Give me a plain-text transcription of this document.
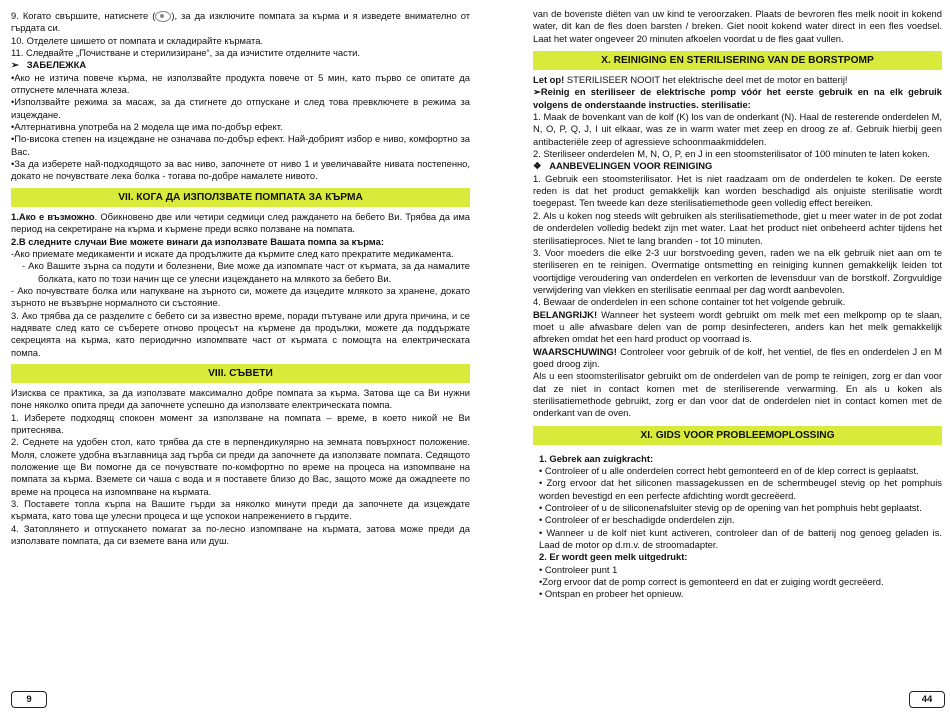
9. Когато свършите, натиснете ( ), за да изключите помпата за кърма и я изведете внимателно от гърдата си.

10. Отделете шишето от помпата и складирайте кърмата.

11. Следвайте „Почистване и стерилизиране“, за да изчистите отделните части.

➢ ЗАБЕЛЕЖКА

•Ако не изтича повече кърма, не използвайте продукта повече от 5 мин, като първо се опитате да отпуснете млечната жлеза.

•Използвайте режима за масаж, за да стигнете до отпускане и след това превключете в режима за изцеждане.

•Алтернативна употреба на 2 модела ще има по-добър ефект.

•По-висока степен на изцеждане не означава по-добър ефект. Най-добрият избор е ниво, комфортно за Вас.

•За да изберете най-подходящото за вас ниво, започнете от ниво 1 и увеличавайте нивата постепенно, докато не почувствате лека болка - тогава по-добре намалете нивото.

VII. КОГА ДА ИЗПОЛЗВАТЕ ПОМПАТА ЗА КЪРМА

1.Ако е възможно. Обикновено две или четири седмици след раждането на бебето Ви. Трябва да има период на секретиране на кърма и кърмене преди всяко ползване на помпата.

2.В следните случаи Вие можете винаги да използвате Вашата помпа за кърма:

-Ако приемате медикаменти и искате да продължите да кърмите след като прекратите медикамента.

- Ако Вашите зърна са подути и болезнени, Вие може да изпомпате част от кърмата, за да намалите болката, като по този начин ще се улесни изцеждането на млякото за бебето Ви.

- Ако почувствате болка или напукване на зърното си, можете да изцедите млякото за хранене, докато зърното не възвърне нормалното си състояние.

3. Ако трябва да се разделите с бебето си за известно време, поради пътуване или друга причина, и се надявате след като се съберете отново процесът на кърмене да продължи, можете да поддържате секрецията на кърма, като периодично изпомпвате част от кърмата с помощта на електрическата помпа.

VIII. СЪВЕТИ

Изисква се практика, за да използвате максимално добре помпата за кърма. Затова ще са Ви нужни поне няколко опита преди да започнете успешно да използвате електрическата помпа.

1. Изберете подходящ спокоен момент за използване на помпата – време, в което никой не Ви притеснява.

2. Седнете на удобен стол, като трябва да сте в перпендикулярно на земната повърхност положение. Моля, сложете удобна възглавница зад гърба си преди да започнете да използвате помпата. Седящото положение ще Ви помогне да се почувствате по-комфортно по време на процеса на изпомпване на помпата за кърма. Вземете си чаша с вода и я поставете близо до Вас, защото може да ожадneете по време на процеса на изпомпване на кърмата.

3. Поставете топла кърпа на Вашите гърди за няколко минути преди да започнете да изцеждате кърмата, като това ще улесни процеса и ще успокои напрежението в гърдите.

4. Затоплянето и отпускането помагат за по-лесно изпомпване на кърмата, затова може преди да използвате помпата, да си вземете вана или душ.

9

van de bovenste diëten van uw kind te veroorzaken. Plaats de bevroren fles melk nooit in kokend water, dit kan de fles doen barsten / breken. Giet nooit kokend water direct in een fles voedsel. Laat het water ongeveer 20 minuten afkoelen voordat u de fles gaat vullen.

X. REINIGING EN STERILISERING VAN DE BORSTPOMP

Let op! STERILISEER NOOIT het elektrische deel met de motor en batterij!

➢Reinig en steriliseer de elektrische pomp vóór het eerste gebruik en na elk gebruik volgens de onderstaande instructies. sterilisatie:

1. Maak de bovenkant van de kolf (K) los van de onderkant (N). Haal de resterende onderdelen M, N, O, P, Q, J, I uit elkaar, was ze in warm water met zeep en droog ze af. Gebruik hierbij geen antibacteriële zeep of agressieve schoonmaakmiddelen.

2. Steriliseer onderdelen M, N, O, P, en J in een stoomsterilisator of 100 minuten te laten koken.

❖ AANBEVELINGEN VOOR REINIGING

1. Gebruik een stoomsterilisator. Het is niet raadzaam om de onderdelen te koken. De eerste reden is dat het product gemakkelijk kan worden beschadigd als onjuiste sterilisatie wordt toegepast. Ten tweede kan deze sterilisatiemethode geen volledig effect bereiken.

2. Als u koken nog steeds wilt gebruiken als sterilisatiemethode, giet u meer water in de pot zodat de onderdelen volledig bedekt zijn met water. Laat het product niet onbeheerd achter tijdens het sterilisatieproces. Niet te lang branden - tot 10 minuten.

3. Voor moeders die elke 2-3 uur borstvoeding geven, raden we na elk gebruik niet aan om te steriliseren en te reinigen. Overmatige ontsmetting en reiniging kunnen gemakkelijk leiden tot voortijdige veroudering van onderdelen en verkorten de levensduur van de borstkolf. Zorgvuldige verwijdering van vlekken en sterilisatie eenmaal per dag wordt aanbevolen.

4. Bewaar de onderdelen in een schone container tot het volgende gebruik.

BELANGRIJK! Wanneer het systeem wordt gebruikt om melk met een melkpomp op te slaan, moet u alle afwasbare delen van de pomp desinfecteren, anders kan het melk gemakkelijk afbreken omdat het een hard product op voorraad is.

WAARSCHUWING! Controleer voor gebruik of de kolf, het ventiel, de fles en onderdelen J en M goed droog zijn.

Als u een stoomsterilisator gebruikt om de onderdelen van de pomp te reinigen, zorg er dan voor dat ze niet in contact komen met de steriliserende verwarming. En als u koken als sterilisatiemethode gebruikt, zorg er dan voor dat de onderdelen niet in contact komen met de onderkant van de oven.

XI. GIDS VOOR PROBLEEMOPLOSSING

1. Gebrek aan zuigkracht:

• Controleer of u alle onderdelen correct hebt gemonteerd en of de klep correct is geplaatst.

• Zorg ervoor dat het siliconen massagekussen en de schermbeugel stevig op het pomphuis worden bevestigd en een perfecte afdichting wordt gecreëerd.

• Controleer of u de siliconenafsluiter stevig op de opening van het pomphuis hebt geplaatst.

• Controleer of er beschadigde onderdelen zijn.

• Wanneer u de kolf niet kunt activeren, controleer dan of de batterij nog genoeg geladen is. Laad de motor op d.m.v. de stroomadapter.

2. Er wordt geen melk uitgedrukt:

• Controleer punt 1

•Zorg ervoor dat de pomp correct is gemonteerd en dat er zuiging wordt gecreëerd.

• Ontspan en probeer het opnieuw.

44
